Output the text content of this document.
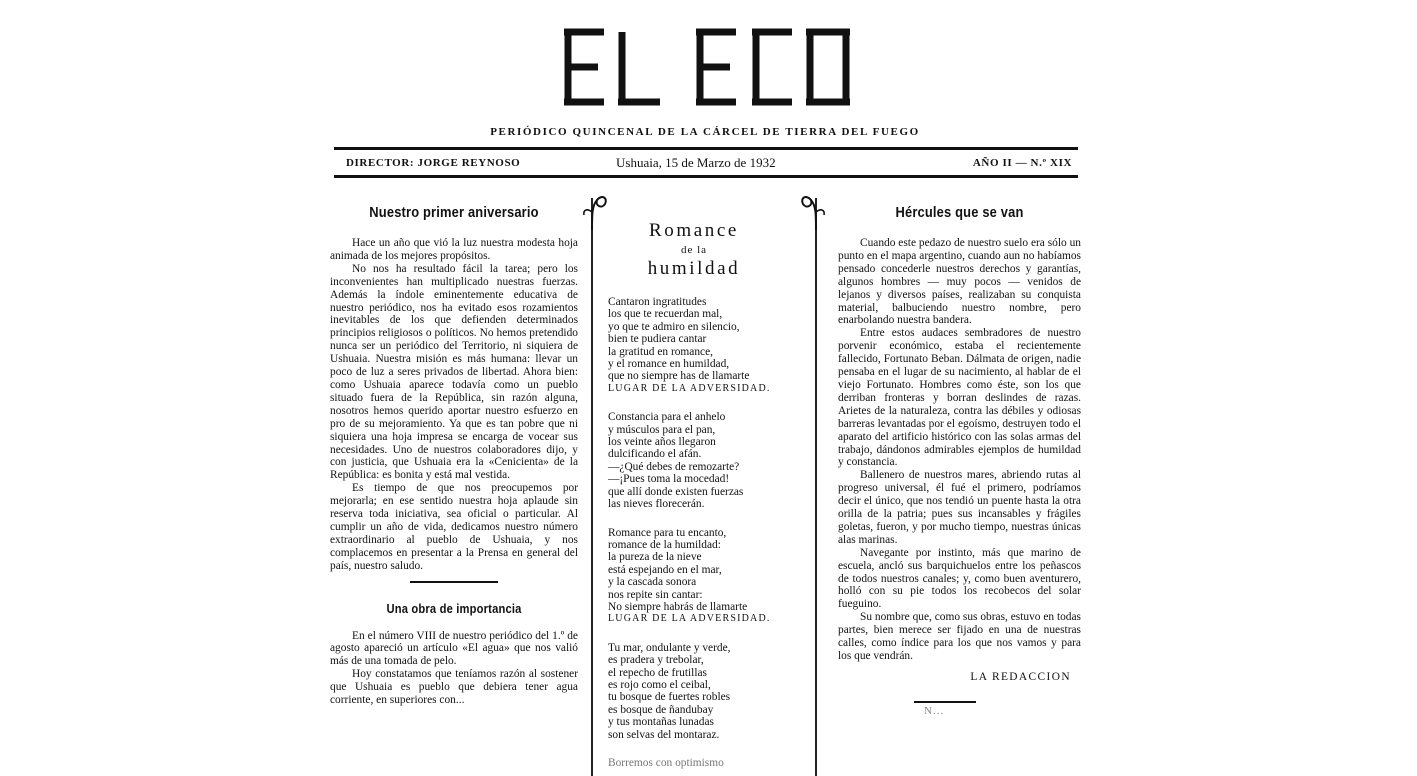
PERIÓDICO QUINCENAL DE LA CÁRCEL DE TIERRA DEL FUEGO
DIRECTOR: JORGE REYNOSO	Ushuaia, 15 de Marzo de 1932	AÑO II — N.º XIX
Nuestro primer aniversario

Hace un año que vió la luz nuestra modesta hoja animada de los mejores propósitos.

No nos ha resultado fácil la tarea; pero los inconvenientes han multiplicado nuestras fuerzas. Además la índole eminentemente educativa de nuestro periódico, nos ha evitado esos rozamientos inevitables de los que defienden determinados principios religiosos o políticos. No hemos pretendido nunca ser un periódico del Territorio, ni siquiera de Ushuaia. Nuestra misión es más humana: llevar un poco de luz a seres privados de libertad. Ahora bien: como Ushuaia aparece todavía como un pueblo situado fuera de la República, sin razón alguna, nosotros hemos querido aportar nuestro esfuerzo en pro de su mejoramiento. Ya que es tan pobre que ni siquiera una hoja impresa se encarga de vocear sus necesidades. Uno de nuestros colaboradores dijo, y con justicia, que Ushuaia era la «Cenicienta» de la República: es bonita y está mal vestida.

Es tiempo de que nos preocupemos por mejorarla; en ese sentido nuestra hoja aplaude sin reserva toda iniciativa, sea oficial o particular. Al cumplir un año de vida, dedicamos nuestro número extraordinario al pueblo de Ushuaia, y nos complacemos en presentar a la Prensa en general del país, nuestro saludo.

Una obra de importancia

En el número VIII de nuestro periódico del 1.º de agosto apareció un artículo «El agua» que nos valió más de una tomada de pelo.

Hoy constatamos que teníamos razón al sostener que Ushuaia es pueblo que debiera tener agua corriente, en superiores con...

Romance
de la
humildad
Cantaron ingratitudes
los que te recuerdan mal,
yo que te admiro en silencio,
bien te pudiera cantar
la gratitud en romance,
y el romance en humildad,
que no siempre has de llamarte
LUGAR DE LA ADVERSIDAD.
Constancia para el anhelo
y músculos para el pan,
los veinte años llegaron
dulcificando el afán.
—¿Qué debes de remozarte?
—¡Pues toma la mocedad!
que allí donde existen fuerzas
las nieves florecerán.
Romance para tu encanto,
romance de la humildad:
la pureza de la nieve
está espejando en el mar,
y la cascada sonora
nos repite sin cantar:
No siempre habrás de llamarte
LUGAR DE LA ADVERSIDAD.
Tu mar, ondulante y verde,
es pradera y trebolar,
el repecho de frutillas
es rojo como el ceibal,
tu bosque de fuertes robles
es bosque de ñandubay
y tus montañas lunadas
son selvas del montaraz.
Borremos con optimismo
Hércules que se van

Cuando este pedazo de nuestro suelo era sólo un punto en el mapa argentino, cuando aun no habíamos pensado concederle nuestros derechos y garantías, algunos hombres — muy pocos — venidos de lejanos y diversos países, realizaban su conquista material, balbuciendo nuestro nombre, pero enarbolando nuestra bandera.

Entre estos audaces sembradores de nuestro porvenir económico, estaba el recientemente fallecido, Fortunato Beban. Dálmata de origen, nadie pensaba en el lugar de su nacimiento, al hablar de el viejo Fortunato. Hombres como éste, son los que derriban fronteras y borran deslindes de razas. Arietes de la naturaleza, contra las débiles y odiosas barreras levantadas por el egoísmo, destruyen todo el aparato del artificio histórico con las solas armas del trabajo, dándonos admirables ejemplos de humildad y constancia.

Ballenero de nuestros mares, abriendo rutas al progreso universal, él fué el primero, podríamos decir el único, que nos tendió un puente hasta la otra orilla de la patria; pues sus incansables y frágiles goletas, fueron, y por mucho tiempo, nuestras únicas alas marinas.

Navegante por instinto, más que marino de escuela, ancló sus barquichuelos entre los peñascos de todos nuestros canales; y, como buen aventurero, holló con su pie todos los recobecos del solar fueguino.

Su nombre que, como sus obras, estuvo en todas partes, bien merece ser fijado en una de nuestras calles, como índice para los que nos vamos y para los que vendrán.

LA REDACCION
N...
